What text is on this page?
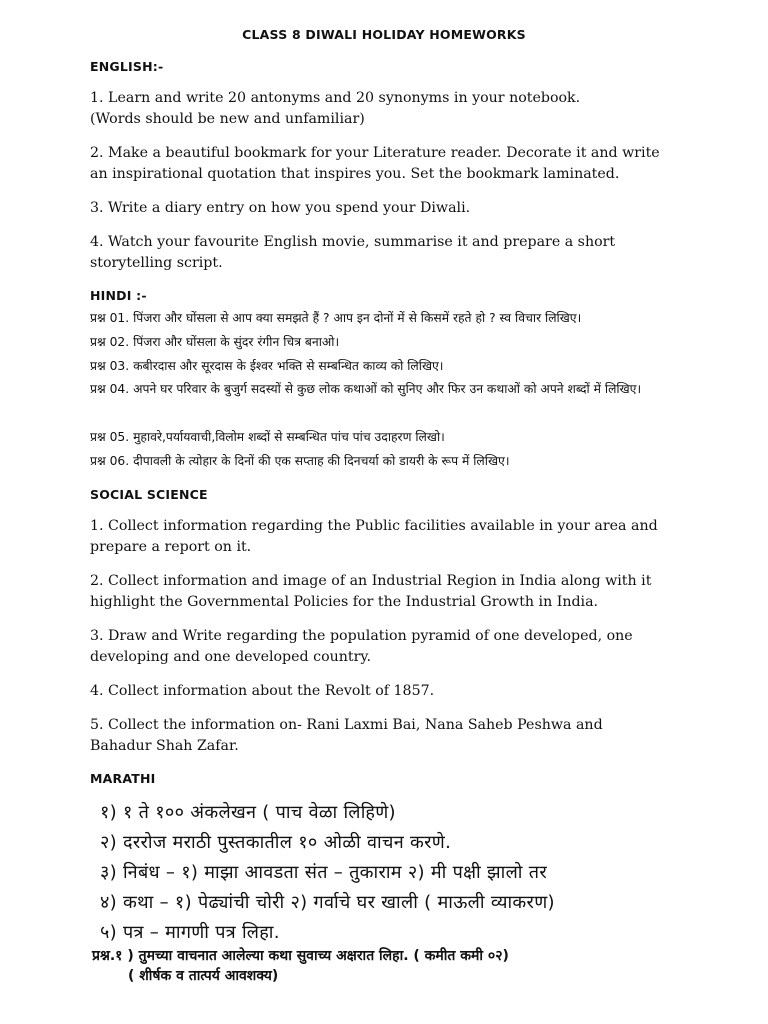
CLASS 8 DIWALI HOLIDAY HOMEWORKS
ENGLISH:-

1. Learn and write 20 antonyms and 20 synonyms in your notebook.
(Words should be new and unfamiliar)

2. Make a beautiful bookmark for your Literature reader. Decorate it and write
an inspirational quotation that inspires you. Set the bookmark laminated.

3. Write a diary entry on how you spend your Diwali.

4. Watch your favourite English movie, summarise it and prepare a short
storytelling script.

HINDI :-

प्रश्न 01. पिंजरा और घोंसला से आप क्या समझते हैं ? आप इन दोनों में से किसमें रहते हो ? स्व विचार लिखिए।

प्रश्न 02. पिंजरा और घोंसला के सुंदर रंगीन चित्र बनाओ।

प्रश्न 03. कबीरदास और सूरदास के ईश्वर भक्ति से सम्बन्धित काव्य को लिखिए।

प्रश्न 04. अपने घर परिवार के बुजुर्ग सदस्यों से कुछ लोक कथाओं को सुनिए और फिर उन कथाओं को अपने शब्दों में लिखिए।

प्रश्न 05. मुहावरे,पर्यायवाची,विलोम शब्दों से सम्बन्धित पांच पांच उदाहरण लिखो।

प्रश्न 06. दीपावली के त्योहार के दिनों की एक सप्ताह की दिनचर्या को डायरी के रूप में लिखिए।

SOCIAL SCIENCE

1. Collect information regarding the Public facilities available in your area and
prepare a report on it.

2. Collect information and image of an Industrial Region in India along with it
highlight the Governmental Policies for the Industrial Growth in India.

3. Draw and Write regarding the population pyramid of one developed, one
developing and one developed country.

4. Collect information about the Revolt of 1857.

5. Collect the information on- Rani Laxmi Bai, Nana Saheb Peshwa and
Bahadur Shah Zafar.

MARATHI

१) १ ते १०० अंकलेखन ( पाच वेळा लिहिणे)

२) दररोज मराठी पुस्तकातील १० ओळी वाचन करणे.

३) निबंध – १) माझा आवडता संत – तुकाराम २) मी पक्षी झालो तर

४) कथा – १) पेढ्यांची चोरी २) गर्वाचे घर खाली ( माऊली व्याकरण)

५) पत्र – मागणी पत्र लिहा.

प्रश्न.१ ) तुमच्या वाचनात आलेल्या कथा सुवाच्य अक्षरात लिहा. ( कमीत कमी ०२)

( शीर्षक व तात्पर्य आवशक्य)
